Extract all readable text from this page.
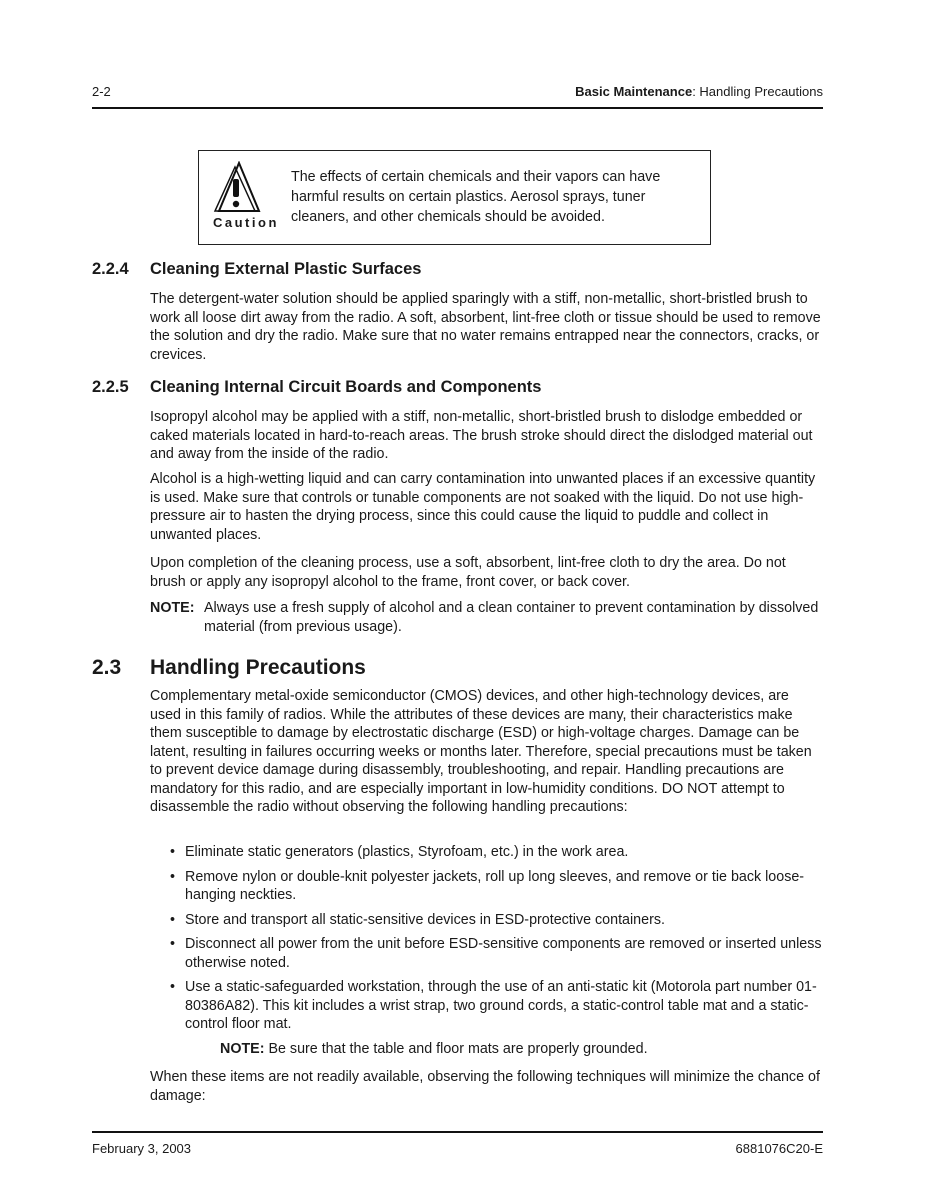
2-2	Basic Maintenance: Handling Precautions
Caution
The effects of certain chemicals and their vapors can have harmful results on certain plastics. Aerosol sprays, tuner cleaners, and other chemicals should be avoided.
2.2.4 Cleaning External Plastic Surfaces
The detergent-water solution should be applied sparingly with a stiff, non-metallic, short-bristled brush to work all loose dirt away from the radio. A soft, absorbent, lint-free cloth or tissue should be used to remove the solution and dry the radio. Make sure that no water remains entrapped near the connectors, cracks, or crevices.
2.2.5 Cleaning Internal Circuit Boards and Components
Isopropyl alcohol may be applied with a stiff, non-metallic, short-bristled brush to dislodge embedded or caked materials located in hard-to-reach areas. The brush stroke should direct the dislodged material out and away from the inside of the radio.
Alcohol is a high-wetting liquid and can carry contamination into unwanted places if an excessive quantity is used. Make sure that controls or tunable components are not soaked with the liquid. Do not use high-pressure air to hasten the drying process, since this could cause the liquid to puddle and collect in unwanted places.
Upon completion of the cleaning process, use a soft, absorbent, lint-free cloth to dry the area. Do not brush or apply any isopropyl alcohol to the frame, front cover, or back cover.
NOTE: Always use a fresh supply of alcohol and a clean container to prevent contamination by dissolved material (from previous usage).
2.3 Handling Precautions
Complementary metal-oxide semiconductor (CMOS) devices, and other high-technology devices, are used in this family of radios. While the attributes of these devices are many, their characteristics make them susceptible to damage by electrostatic discharge (ESD) or high-voltage charges. Damage can be latent, resulting in failures occurring weeks or months later. Therefore, special precautions must be taken to prevent device damage during disassembly, troubleshooting, and repair. Handling precautions are mandatory for this radio, and are especially important in low-humidity conditions. DO NOT attempt to disassemble the radio without observing the following handling precautions:
• Eliminate static generators (plastics, Styrofoam, etc.) in the work area.
• Remove nylon or double-knit polyester jackets, roll up long sleeves, and remove or tie back loose-hanging neckties.
• Store and transport all static-sensitive devices in ESD-protective containers.
• Disconnect all power from the unit before ESD-sensitive components are removed or inserted unless otherwise noted.
• Use a static-safeguarded workstation, through the use of an anti-static kit (Motorola part number 01-80386A82). This kit includes a wrist strap, two ground cords, a static-control table mat and a static-control floor mat.
NOTE: Be sure that the table and floor mats are properly grounded.
When these items are not readily available, observing the following techniques will minimize the chance of damage:
February 3, 2003	6881076C20-E
